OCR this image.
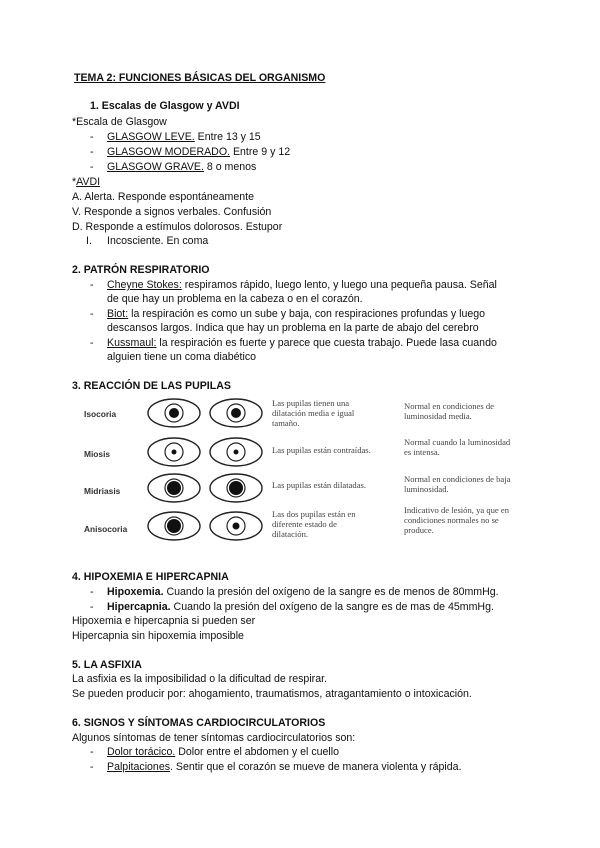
TEMA 2: FUNCIONES BÁSICAS DEL ORGANISMO
1. Escalas de Glasgow y AVDI
*Escala de Glasgow
- GLASGOW LEVE. Entre 13 y 15
- GLASGOW MODERADO. Entre 9 y 12
- GLASGOW GRAVE. 8 o menos
*AVDI
A. Alerta. Responde espontáneamente
V. Responde a signos verbales. Confusión
D. Responde a estímulos dolorosos. Estupor
I. Incosciente. En coma
2. PATRÓN RESPIRATORIO
- Cheyne Stokes: respiramos rápido, luego lento, y luego una pequeña pausa. Señal
de que hay un problema en la cabeza o en el corazón.
- Biot: la respiración es como un sube y baja, con respiraciones profundas y luego
descansos largos. Indica que hay un problema en la parte de abajo del cerebro
- Kussmaul: la respiración es fuerte y parece que cuesta trabajo. Puede lasa cuando
alguien tiene un coma diabético
3. REACCIÓN DE LAS PUPILAS
Isocoria
Las pupilas tienen una dilatación media e igual tamaño.
Normal en condiciones de luminosidad media.
Miosis	Las pupilas están contraídas.
Normal cuando la luminosidad es intensa.
Midriasis
Las pupilas están dilatadas.
Normal en condiciones de baja luminosidad.
Anisocoria
Las dos pupilas están en diferente estado de dilatación.
Indicativo de lesión, ya que en condiciones normales no se produce.
4. HIPOXEMIA E HIPERCAPNIA
- Hipoxemia. Cuando la presión del oxígeno de la sangre es de menos de 80mmHg.
- Hipercapnia. Cuando la presión del oxígeno de la sangre es de mas de 45mmHg.
Hipoxemia e hipercapnia si pueden ser
Hipercapnia sin hipoxemia imposible
5. LA ASFIXIA
La asfixia es la imposibilidad o la dificultad de respirar.
Se pueden producir por: ahogamiento, traumatismos, atragantamiento o intoxicación.
6. SIGNOS Y SÍNTOMAS CARDIOCIRCULATORIOS
Algunos síntomas de tener síntomas cardiocirculatorios son:
- Dolor torácico. Dolor entre el abdomen y el cuello
- Palpitaciones. Sentir que el corazón se mueve de manera violenta y rápida.
